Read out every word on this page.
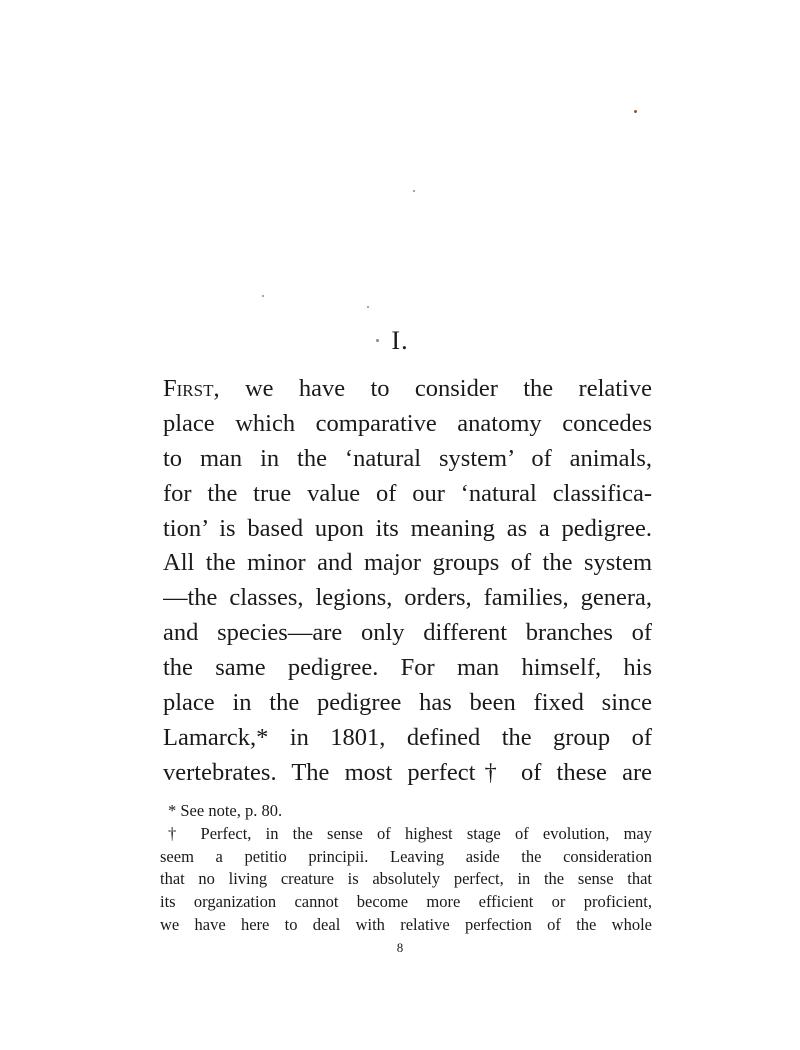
I.
First, we have to consider the relative
place which comparative anatomy concedes
to man in the ‘natural system’ of animals,
for the true value of our ‘natural classifica-
tion’ is based upon its meaning as a pedigree.
All the minor and major groups of the system
—the classes, legions, orders, families, genera,
and species—are only different branches of
the same pedigree. For man himself, his
place in the pedigree has been fixed since
Lamarck,* in 1801, defined the group of
vertebrates. The most perfect† of these are
* See note, p. 80.
† Perfect, in the sense of highest stage of evolution, may
seem a petitio principii. Leaving aside the consideration
that no living creature is absolutely perfect, in the sense that
its organization cannot become more efficient or proficient,
we have here to deal with relative perfection of the whole
8
